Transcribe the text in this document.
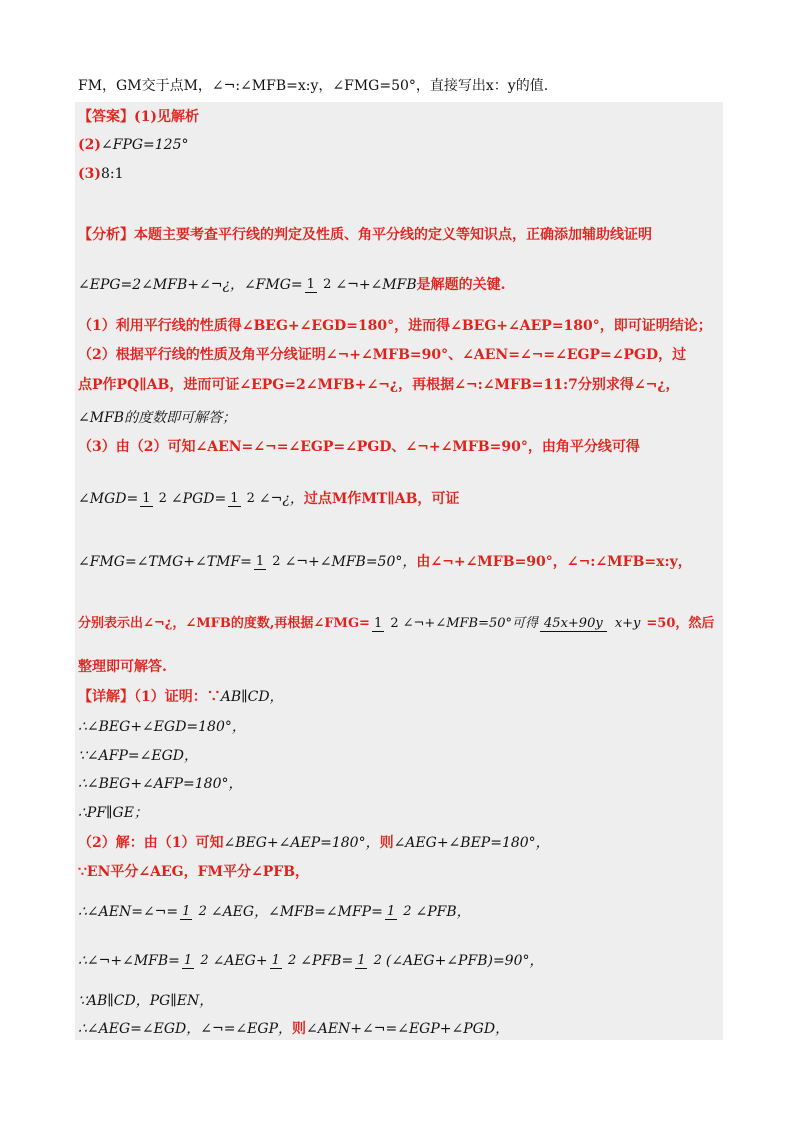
FM，GM交于点M，∠¬:∠MFB=x:y，∠FMG=50°，直接写出x：y的值.
【答案】(1)见解析
(2) ∠FPG=125°
(3) 8:1
【分析】本题主要考查平行线的判定及性质、角平分线的定义等知识点，正确添加辅助线证明
∠EPG=2∠MFB+∠¬¿，∠FMG= 1 2 ∠¬+∠MFB 是解题的关键.
（1）利用平行线的性质得∠BEG+∠EGD=180°，进而得∠BEG+∠AEP=180°，即可证明结论；
（2）根据平行线的性质及角平分线证明∠¬+∠MFB=90°、∠AEN=∠¬=∠EGP=∠PGD，过
点P作PQ∥AB，进而可证∠EPG=2∠MFB+∠¬¿， 再根据∠¬:∠MFB=11:7分别求得∠¬¿，
∠MFB的度数即可解答；
（3）由（2）可知∠AEN=∠¬=∠EGP=∠PGD、∠¬+∠MFB=90°， 由角平分线可得
∠MGD= 1 2 ∠PGD= 1 2 ∠¬¿， 过点M作MT∥AB，可证
∠FMG=∠TMG+∠TMF= 1 2 ∠¬+∠MFB=50°， 由∠¬+∠MFB=90°，∠¬:∠MFB=x:y，
分别表示出∠¬¿，∠MFB的度数,再根据∠FMG= 1 2 ∠¬+∠MFB=50°可得 45x+90y x+y =50，然后
整理即可解答.
【详解】（1）证明：∵ AB∥CD，
∴∠BEG+∠EGD=180°，
∵∠AFP=∠EGD，
∴∠BEG+∠AFP=180°，
∴PF∥GE；
（2）解：由（1）可知 ∠BEG+∠AEP=180°， 则 ∠AEG+∠BEP=180°，
∵EN平分∠AEG，FM平分∠PFB，
∴∠AEN=∠¬= 1 2 ∠AEG，∠MFB=∠MFP= 1 2 ∠PFB，
∴∠¬+∠MFB= 1 2 ∠AEG+ 1 2 ∠PFB= 1 2 (∠AEG+∠PFB)=90°，
∵AB∥CD，PG∥EN，
∴∠AEG=∠EGD，∠¬=∠EGP， 则 ∠AEN+∠¬=∠EGP+∠PGD，
